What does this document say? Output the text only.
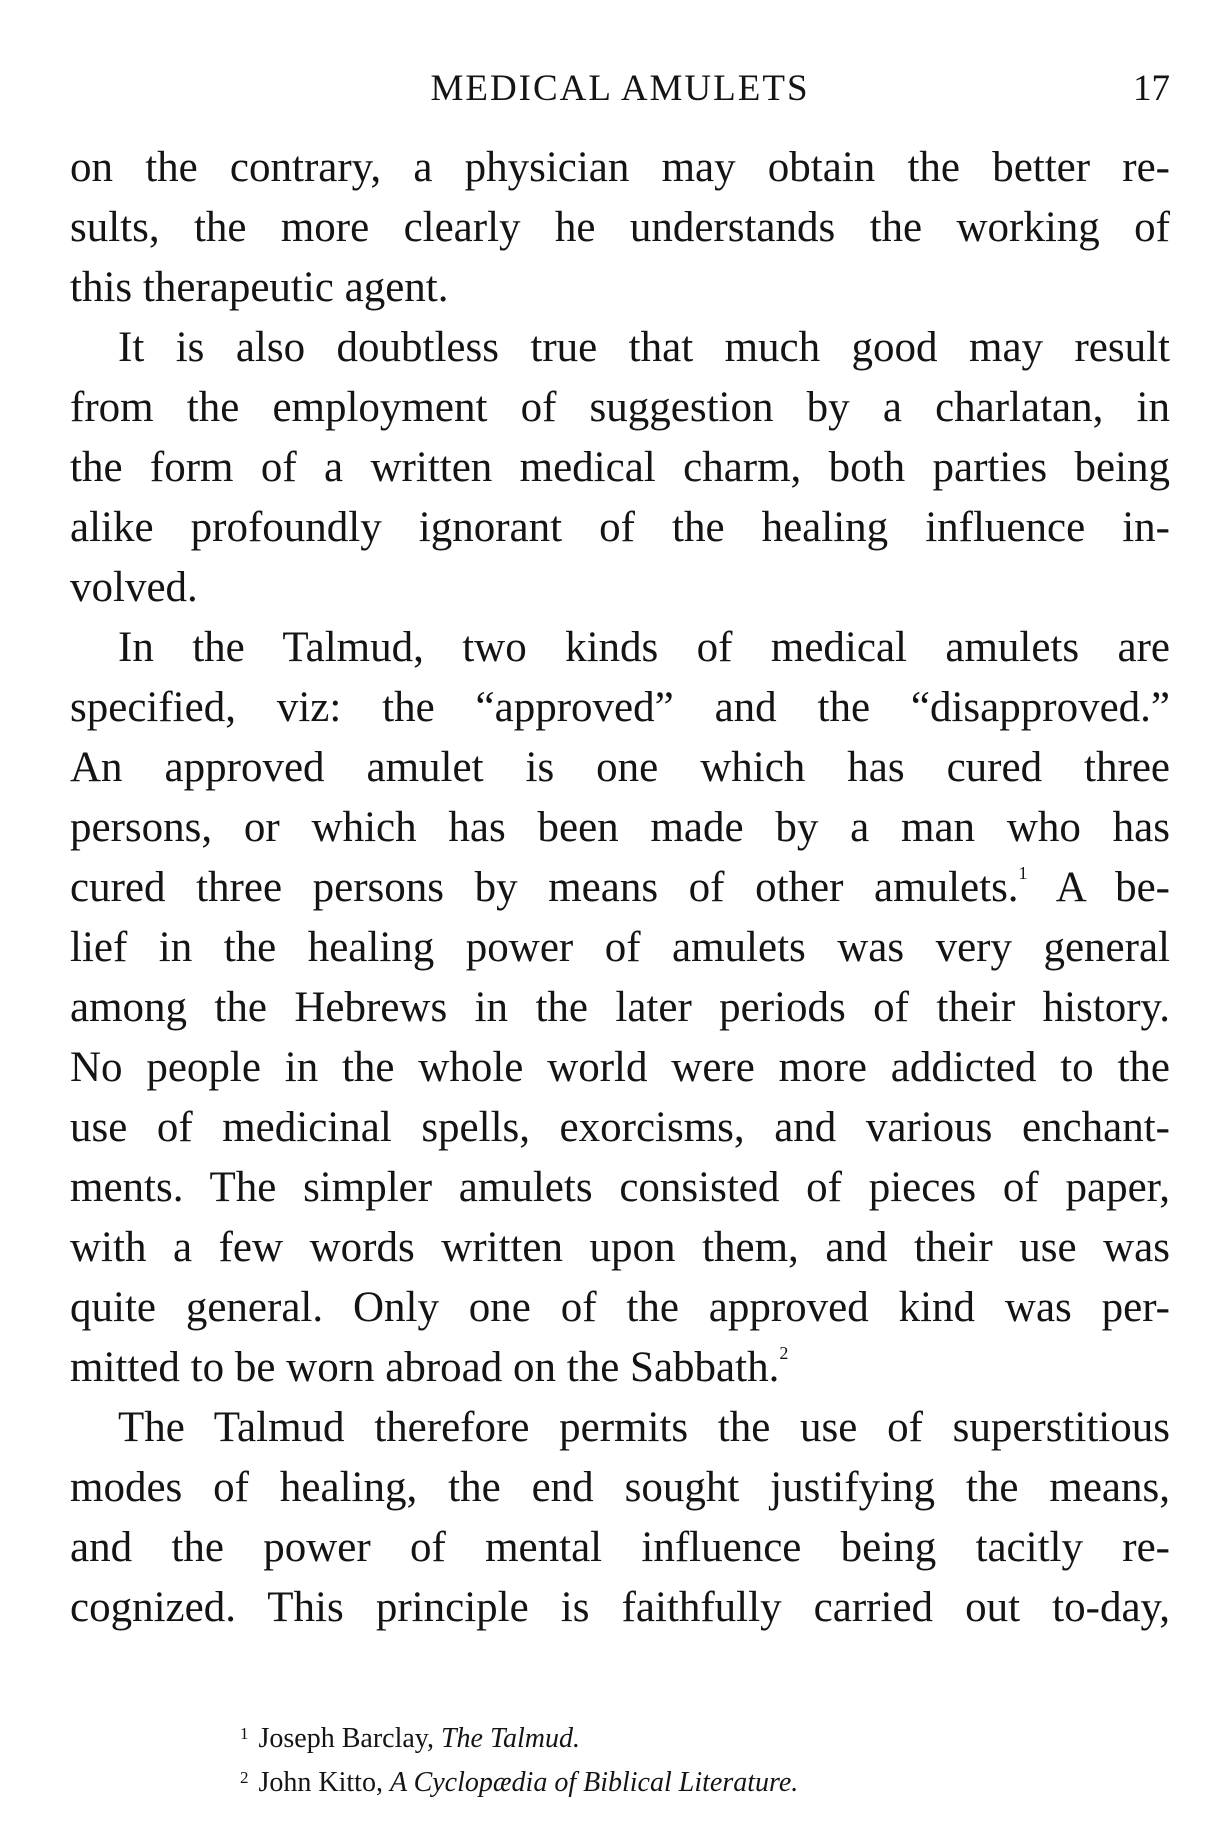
MEDICAL AMULETS	17
on the contrary, a physician may obtain the better re-
sults, the more clearly he understands the working of
this therapeutic agent.
It is also doubtless true that much good may result
from the employment of suggestion by a charlatan, in
the form of a written medical charm, both parties being
alike profoundly ignorant of the healing influence in-
volved.
In the Talmud, two kinds of medical amulets are
specified, viz: the “approved” and the “disapproved.”
An approved amulet is one which has cured three
persons, or which has been made by a man who has
cured three persons by means of other amulets.$^1$ A be-
lief in the healing power of amulets was very general
among the Hebrews in the later periods of their history.
No people in the whole world were more addicted to the
use of medicinal spells, exorcisms, and various enchant-
ments. The simpler amulets consisted of pieces of paper,
with a few words written upon them, and their use was
quite general. Only one of the approved kind was per-
mitted to be worn abroad on the Sabbath.$^2$
The Talmud therefore permits the use of superstitious
modes of healing, the end sought justifying the means,
and the power of mental influence being tacitly re-
cognized. This principle is faithfully carried out to-day,
$^1$ Joseph Barclay, The Talmud.
$^2$ John Kitto, A Cyclopædia of Biblical Literature.
